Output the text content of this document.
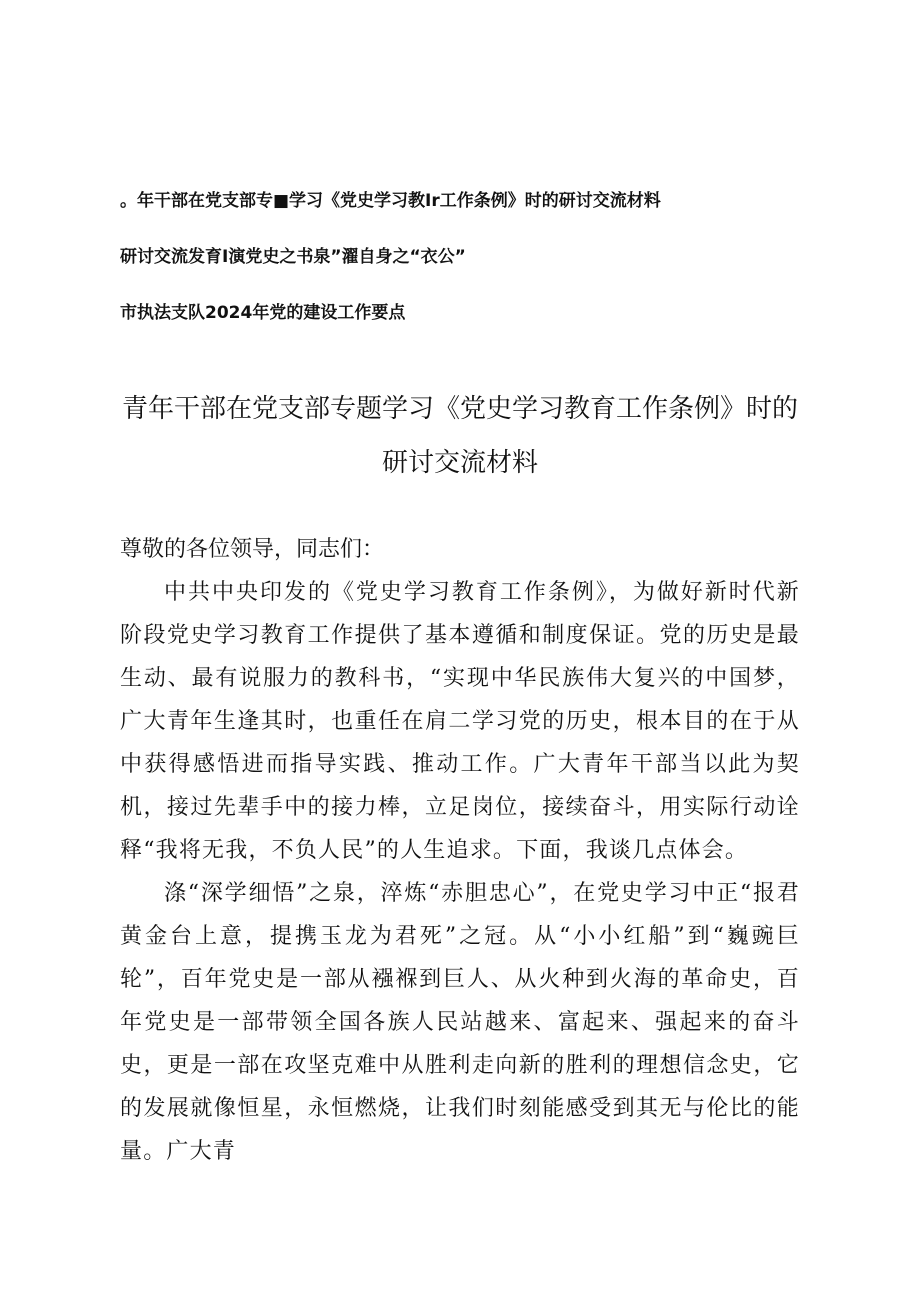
。年干部在党支部专■学习《党史学习教Ir工作条例》时的研讨交流材料
研讨交流发育I演党史之书泉”濯自身之“衣公”
市执法支队2024年党的建设工作要点
青年干部在党支部专题学习《党史学习教育工作条例》时的
研讨交流材料

尊敬的各位领导，同志们：

中共中央印发的《党史学习教育工作条例》，为做好新时代新阶段党史学习教育工作提供了基本遵循和制度保证。党的历史是最生动、最有说服力的教科书，“实现中华民族伟大复兴的中国梦，广大青年生逢其时，也重任在肩二学习党的历史，根本目的在于从中获得感悟进而指导实践、推动工作。广大青年干部当以此为契机，接过先辈手中的接力棒，立足岗位，接续奋斗，用实际行动诠释“我将无我，不负人民”的人生追求。下面，我谈几点体会。

涤“深学细悟”之泉，淬炼“赤胆忠心”，在党史学习中正“报君黄金台上意，提携玉龙为君死”之冠。从“小小红船”到“巍豌巨轮”，百年党史是一部从襁褓到巨人、从火种到火海的革命史，百年党史是一部带领全国各族人民站越来、富起来、强起来的奋斗史，更是一部在攻坚克难中从胜利走向新的胜利的理想信念史，它的发展就像恒星，永恒燃烧，让我们时刻能感受到其无与伦比的能量。广大青
